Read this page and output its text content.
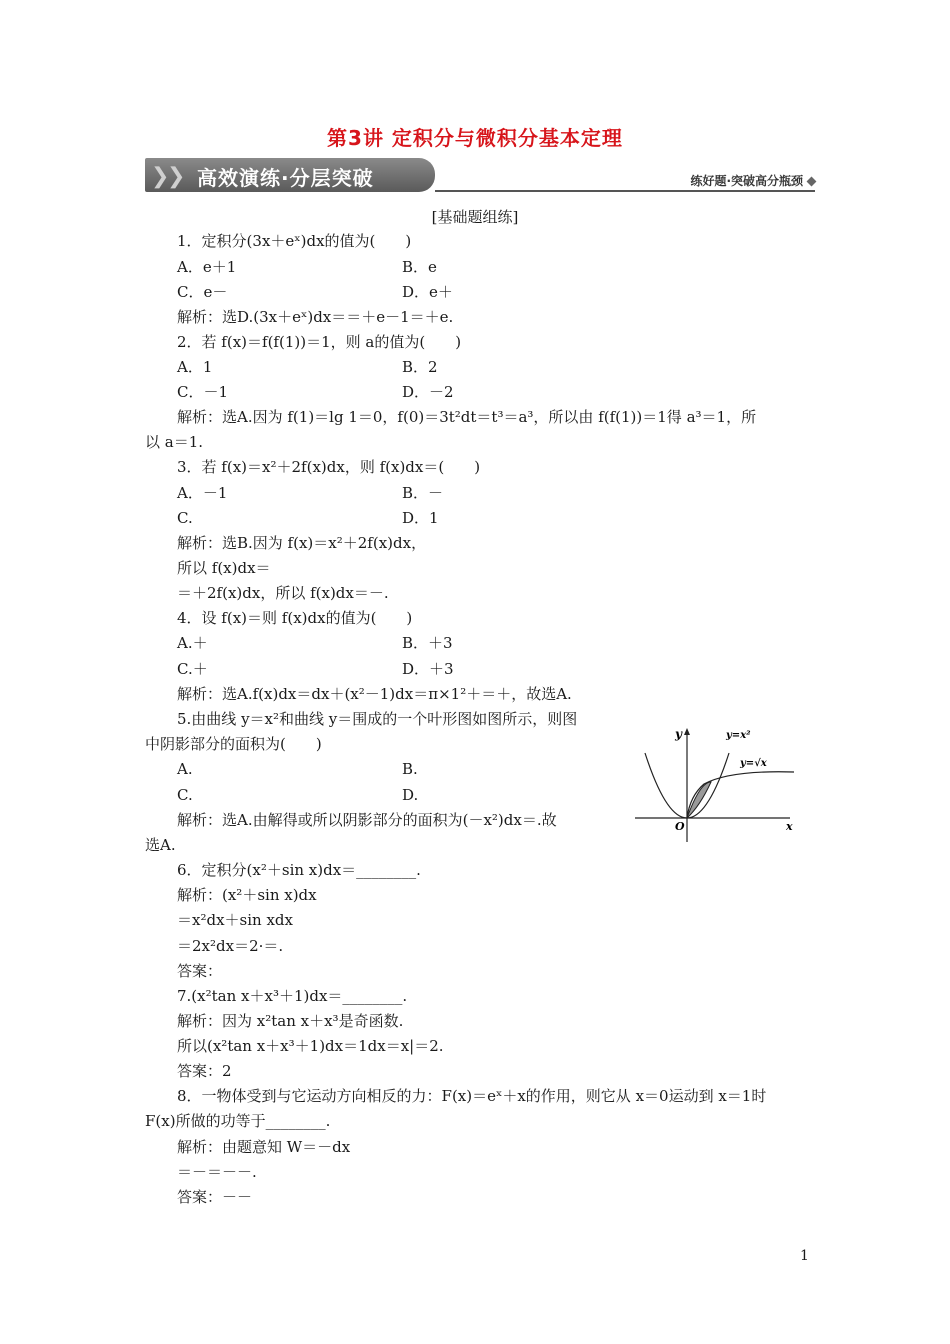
第3讲 定积分与微积分基本定理
❯
❯ 高效演练·分层突破	练好题·突破高分瓶颈
[基础题组练]
1．定积分(3x＋eˣ)dx的值为(　　)
A．e＋1	B．e
C．e－	D．e＋
解析：选D.(3x＋eˣ)dx＝＝＋e－1＝＋e.
2．若 f(x)＝f(f(1))＝1，则 a的值为(　　)
A．1	B．2
C．－1	D．－2
解析：选A.因为 f(1)＝lg 1＝0，f(0)＝3t²dt＝t³＝a³，所以由 f(f(1))＝1得 a³＝1，所
以 a＝1.
3．若 f(x)＝x²＋2f(x)dx，则 f(x)dx＝(　　)
A．－1	B．－
C.	D．1
解析：选B.因为 f(x)＝x²＋2f(x)dx，
所以 f(x)dx＝
＝＋2f(x)dx，所以 f(x)dx＝－.
4．设 f(x)＝则 f(x)dx的值为(　　)
A.＋	B．＋3
C.＋	D．＋3
解析：选A.f(x)dx＝dx＋(x²－1)dx＝π×1²＋＝＋，故选A.
5.由曲线 y＝x²和曲线 y＝围成的一个叶形图如图所示，则图
中阴影部分的面积为(　　)
A.	B.
C.	D.
解析：选A.由解得或所以阴影部分的面积为(－x²)dx＝.故
选A.
6．定积分(x²＋sin x)dx＝________.
解析：(x²＋sin x)dx
＝x²dx＋sin xdx
＝2x²dx＝2·＝.
答案：
7.(x²tan x＋x³＋1)dx＝________.
解析：因为 x²tan x＋x³是奇函数.
所以(x²tan x＋x³＋1)dx＝1dx＝x|＝2.
答案：2
8．一物体受到与它运动方向相反的力：F(x)＝eˣ＋x的作用，则它从 x＝0运动到 x＝1时
F(x)所做的功等于________.
解析：由题意知 W＝－dx
＝－＝－－.
答案：－－
y
x
O
y=x²
y=√x
1
